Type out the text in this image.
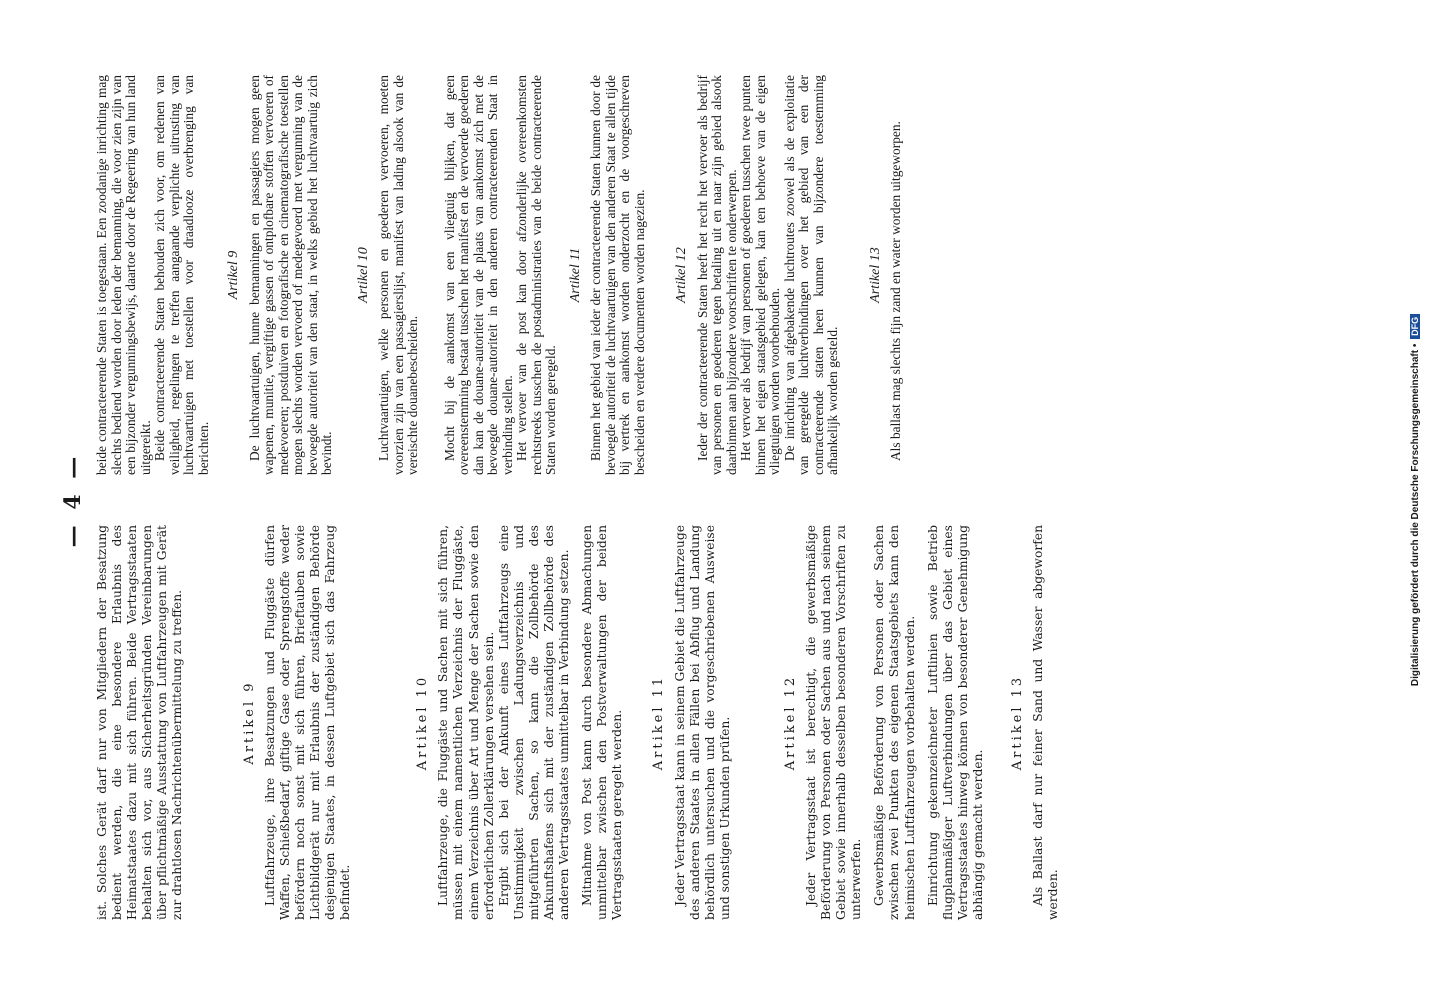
— 4 —

ist. Solches Gerät darf nur von Mitgliedern der Besatzung bedient werden, die eine besondere Erlaubnis des Heimatstaates dazu mit sich führen. Beide Vertragsstaaten behalten sich vor, aus Sicherheitsgründen Vereinbarungen über pflichtmäßige Ausstattung von Luftfahrzeugen mit Gerät zur drahtlosen Nachrichtenübermittelung zu treffen.	Artikel 9 Luftfahrzeuge, ihre Besatzungen und Fluggäste dürfen Waffen, Schießbedarf, giftige Gase oder Sprengstoffe weder befördern noch sonst mit sich führen, Brieftauben sowie Lichtbildgerät nur mit Erlaubnis der zuständigen Behörde desjenigen Staates, in dessen Luftgebiet sich das Fahrzeug befindet.

Artikel 10 Luftfahrzeuge, die Fluggäste und Sachen mit sich führen, müssen mit einem namentlichen Verzeichnis der Fluggäste, einem Verzeichnis über Art und Menge der Sachen sowie den erforderlichen Zollerklärungen versehen sein. Ergibt sich bei der Ankunft eines Luftfahrzeugs eine Unstimmigkeit zwischen Ladungsverzeichnis und mitgeführten Sachen, so kann die Zollbehörde des Ankunftshafens sich mit der zuständigen Zollbehörde des anderen Vertragsstaates unmittelbar in Verbindung setzen. Mitnahme von Post kann durch besondere Abmachungen unmittelbar zwischen den Postverwaltungen der beiden Vertragsstaaten geregelt werden. Artikel 11 Jeder Vertragsstaat kann in seinem Gebiet die Luftfahrzeuge des anderen Staates in allen Fällen bei Abflug und Landung behördlich untersuchen und die vorgeschriebenen Ausweise und sonstigen Urkunden prüfen.	Artikel 12 Jeder Vertragsstaat ist berechtigt, die gewerbsmäßige Beförderung von Personen oder Sachen aus und nach seinem Gebiet sowie innerhalb desselben besonderen Vorschriften zu unterwerfen. Gewerbsmäßige Beförderung von Personen oder Sachen zwischen zwei Punkten des eigenen Staatsgebiets kann den heimischen Luftfahrzeugen vorbehalten werden. Einrichtung gekennzeichneter Luftlinien sowie Betrieb flugplanmäßiger Luftverbindungen über das Gebiet eines Vertragsstaates hinweg können von besonderer Genehmigung abhängig gemacht werden.

Artikel 13 Als Ballast darf nur feiner Sand und Wasser abgeworfen werden.

beide contracteerende Staten is toegestaan. Een zoodanige inrichting mag slechts bediend worden door leden der bemanning, die voor zien zijn van een bijzonder vergunningsbewijs, daartoe door de Regeering van hun land uitgereikt. Beide contracteerende Staten behouden zich voor, om redenen van veiligheid, regelingen te treffen aangaande verplichte uitrusting van luchtvaartuigen met toestellen voor draadlooze overbrenging van berichten.

Artikel 9 De luchtvaartuigen, hunne bemanningen en passagiers mogen geen wapenen, munitie, vergiftige gassen of ontplofbare stoffen vervoeren of medevoeren; postduiven en fotografische en cinematografische toestellen mogen slechts worden vervoerd of medegevoerd met vergunning van de bevoegde autoriteit van den staat, in welks gebied het luchtvaartuig zich bevindt.

Artikel 10 Luchtvaartuigen, welke personen en goederen vervoeren, moeten voorzien zijn van een passagierslijst, manifest van lading alsook van de vereischte douanebescheiden. Mocht bij de aankomst van een vliegtuig blijken, dat geen overeenstemming bestaat tusschen het manifest en de vervoerde goederen dan kan de douane-autoriteit van de plaats van aankomst zich met de bevoegde douane-autoriteit in den anderen contracteerenden Staat in verbinding stellen. Het vervoer van de post kan door afzonderlijke overeenkomsten rechtstreeks tusschen de postadministraties van de beide contracteerende Staten worden geregeld.

Artikel 11 Binnen het gebied van ieder der contracteerende Staten kunnen door de bevoegde autoriteit de luchtvaartuigen van den anderen Staat te allen tijde bij vertrek en aankomst worden onderzocht en de voorgeschreven bescheiden en verdere documenten worden nagezien. Artikel 12 Ieder der contracteerende Staten heeft het recht het vervoer als bedrijf van personen en goederen tegen betaling uit en naar zijn gebied alsook daarbinnen aan bijzondere voorschriften te onderwerpen. Het vervoer als bedrijf van personen of goederen tusschen twee punten binnen het eigen staatsgebied gelegen, kan ten behoeve van de eigen vliegtuigen worden voorbehouden. De inrichting van afgebakende luchtroutes zoowel als de exploitatie van geregelde luchtverbindingen over het gebied van een der contracteerende staten heen kunnen van bijzondere toestemming afhankelijk worden gesteld.

Artikel 13 Als ballast mag slechts fijn zand en water worden uitgeworpen.

Digitalisierung gefördert durch die Deutsche Forschungsgemeinschaft • DFG
